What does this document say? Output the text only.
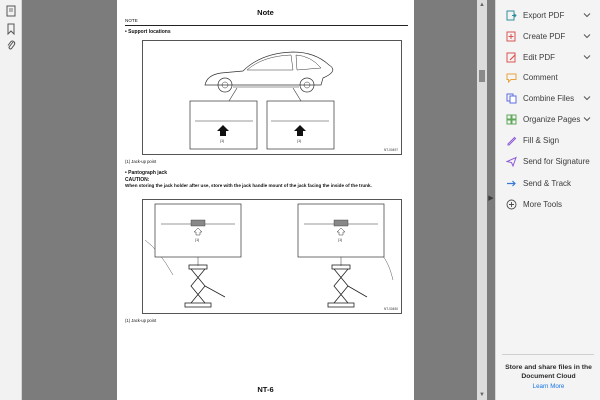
Note
NOTE
• Support locations
(1)	(1)
NT-00497
(1) Jack-up point
• Pantograph jack
CAUTION:
When storing the jack holder after use, store with the jack handle mount of the jack facing the inside of the trunk.
(1)	(1)
NT-00450
(1) Jack-up point
NT-6
▲
▼
▶
Export PDF
Create PDF
Edit PDF
Comment
Combine Files
Organize Pages
Fill & Sign
Send for Signature
Send & Track
More Tools
Store and share files in the Document Cloud
Learn More
